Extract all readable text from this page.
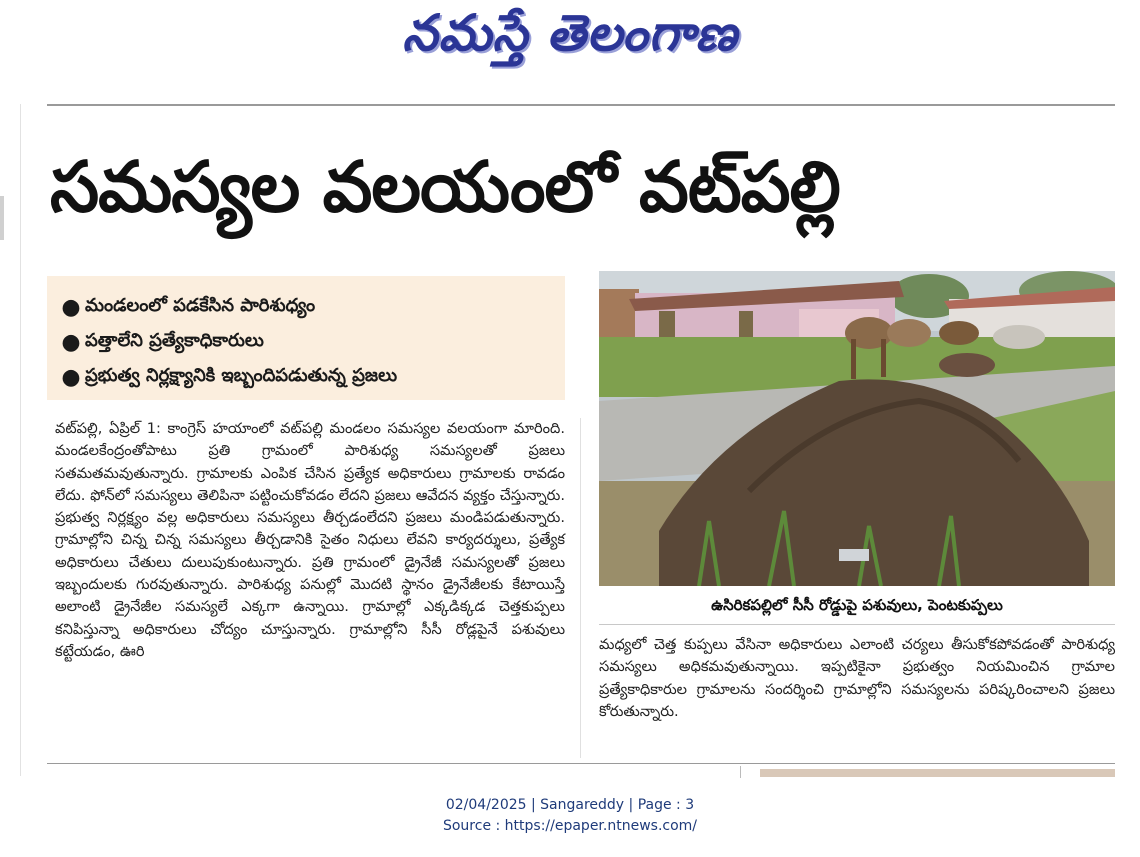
నమస్తే తెలంగాణ
సమస్యల వలయంలో వట్‌పల్లి
● మండలంలో పడకేసిన పారిశుధ్యం
● పత్తాలేని ప్రత్యేకాధికారులు
● ప్రభుత్వ నిర్లక్ష్యానికి ఇబ్బందిపడుతున్న ప్రజలు

వట్‌పల్లి, ఏప్రిల్ 1: కాంగ్రెస్ హయాంలో వట్‌పల్లి మండలం సమస్యల వలయంగా మారింది. మండలకేంద్రంతోపాటు ప్రతి గ్రామంలో పారిశుధ్య సమస్యలతో ప్రజలు సతమతమవుతున్నారు. గ్రామాలకు ఎంపిక చేసిన ప్రత్యేక అధికారులు గ్రామాలకు రావడం లేదు. ఫోన్‌లో సమస్యలు తెలిపినా పట్టించుకోవడం లేదని ప్రజలు ఆవేదన వ్యక్తం చేస్తున్నారు. ప్రభుత్వ నిర్లక్ష్యం వల్ల అధికారులు సమస్యలు తీర్చడంలేదని ప్రజలు మండిపడుతున్నారు. గ్రామాల్లోని చిన్న చిన్న సమస్యలు తీర్చడానికి సైతం నిధులు లేవని కార్యదర్శులు, ప్రత్యేక అధికారులు చేతులు దులుపుకుంటున్నారు. ప్రతి గ్రామంలో డ్రైనేజీ సమస్యలతో ప్రజలు ఇబ్బందులకు గురవుతున్నారు. పారిశుధ్య పనుల్లో మొదటి స్థానం డ్రైనేజీలకు కేటాయిస్తే అలాంటి డ్రైనేజీల సమస్యలే ఎక్కగా ఉన్నాయి. గ్రామాల్లో ఎక్కడిక్కడ చెత్తకుప్పలు కనిపిస్తున్నా అధికారులు చోద్యం చూస్తున్నారు. గ్రామాల్లోని సీసీ రోడ్లపైనే పశువులు కట్టేయడం, ఊరి

ఉసిరికపల్లిలో సీసీ రోడ్డుపై పశువులు, పెంటకుప్పలు

మధ్యలో చెత్త కుప్పలు వేసినా అధికారులు ఎలాంటి చర్యలు తీసుకోకపోవడంతో పారిశుధ్య సమస్యలు అధికమవుతున్నాయి. ఇప్పటికైనా ప్రభుత్వం నియమించిన గ్రామాల ప్రత్యేకాధికారుల గ్రామాలను సందర్శించి గ్రామాల్లోని సమస్యలను పరిష్కరించాలని ప్రజలు కోరుతున్నారు.

02/04/2025 | Sangareddy | Page : 3
Source : https://epaper.ntnews.com/
